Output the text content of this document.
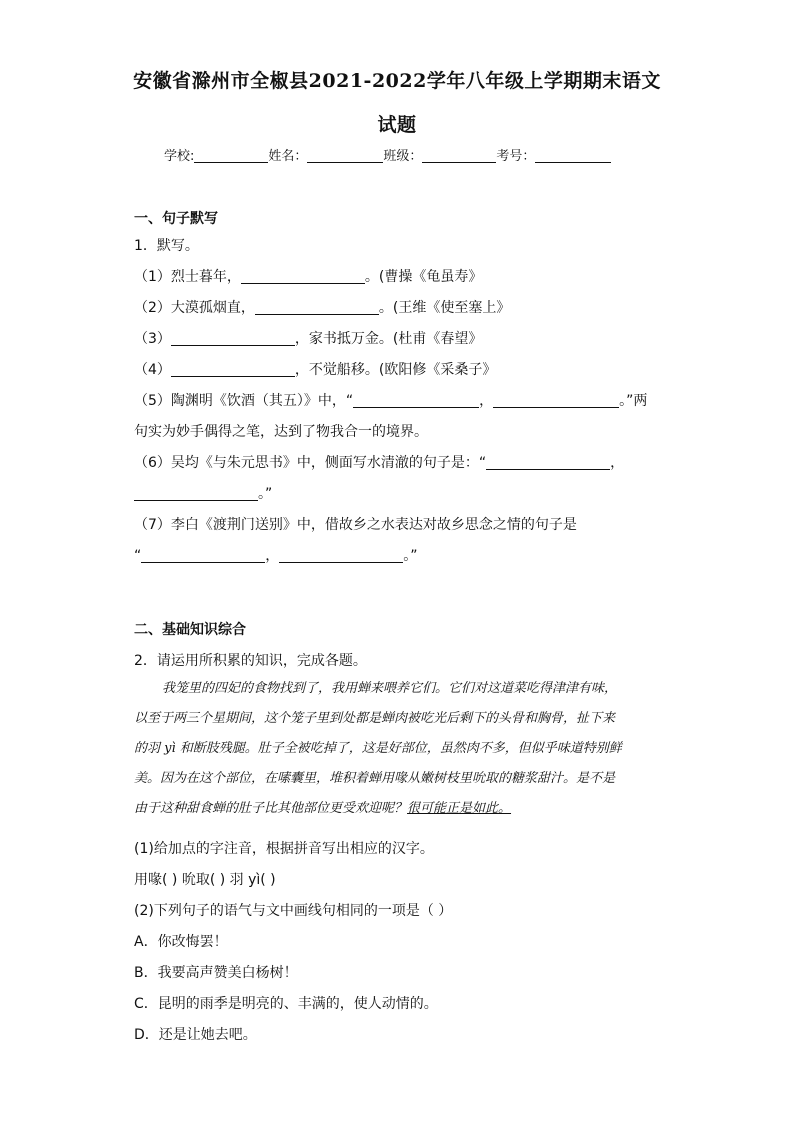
安徽省滁州市全椒县2021-2022学年八年级上学期期末语文
试题
学校:	姓名：	班级：	考号：
一、句子默写
1．默写。
（1）烈士暮年，	。(曹操《龟虽寿》
（2）大漠孤烟直，	。(王维《使至塞上》
（3）	，家书抵万金。(杜甫《春望》
（4）	，不觉船移。(欧阳修《采桑子》
（5）陶渊明《饮酒（其五）》中，“	，	。”两
句实为妙手偶得之笔，达到了物我合一的境界。
（6）吴均《与朱元思书》中，侧面写水清澈的句子是：“	，
。”
（7）李白《渡荆门送别》中，借故乡之水表达对故乡思念之情的句子是
“	，	。”
二、基础知识综合
2．请运用所积累的知识，完成各题。
我笼里的四妃的食物找到了，我用蝉来喂养它们。它们对这道菜吃得津津有味，
以至于两三个星期间，这个笼子里到处都是蝉肉被吃光后剩下的头骨和胸骨，扯下来
的羽 yì 和断肢残腿。肚子全被吃掉了，这是好部位，虽然肉不多，但似乎味道特别鲜
美。因为在这个部位，在嗉囊里，堆积着蝉用喙从嫩树枝里吮取的糖浆甜汁。是不是
由于这种甜食蝉的肚子比其他部位更受欢迎呢？很可能正是如此。
(1)给加点的字注音，根据拼音写出相应的汉字。
用喙( ) 吮取( ) 羽 yì( )
(2)下列句子的语气与文中画线句相同的一项是（ ）
A．你改悔罢！
B．我要高声赞美白杨树！
C．昆明的雨季是明亮的、丰满的，使人动情的。
D．还是让她去吧。
